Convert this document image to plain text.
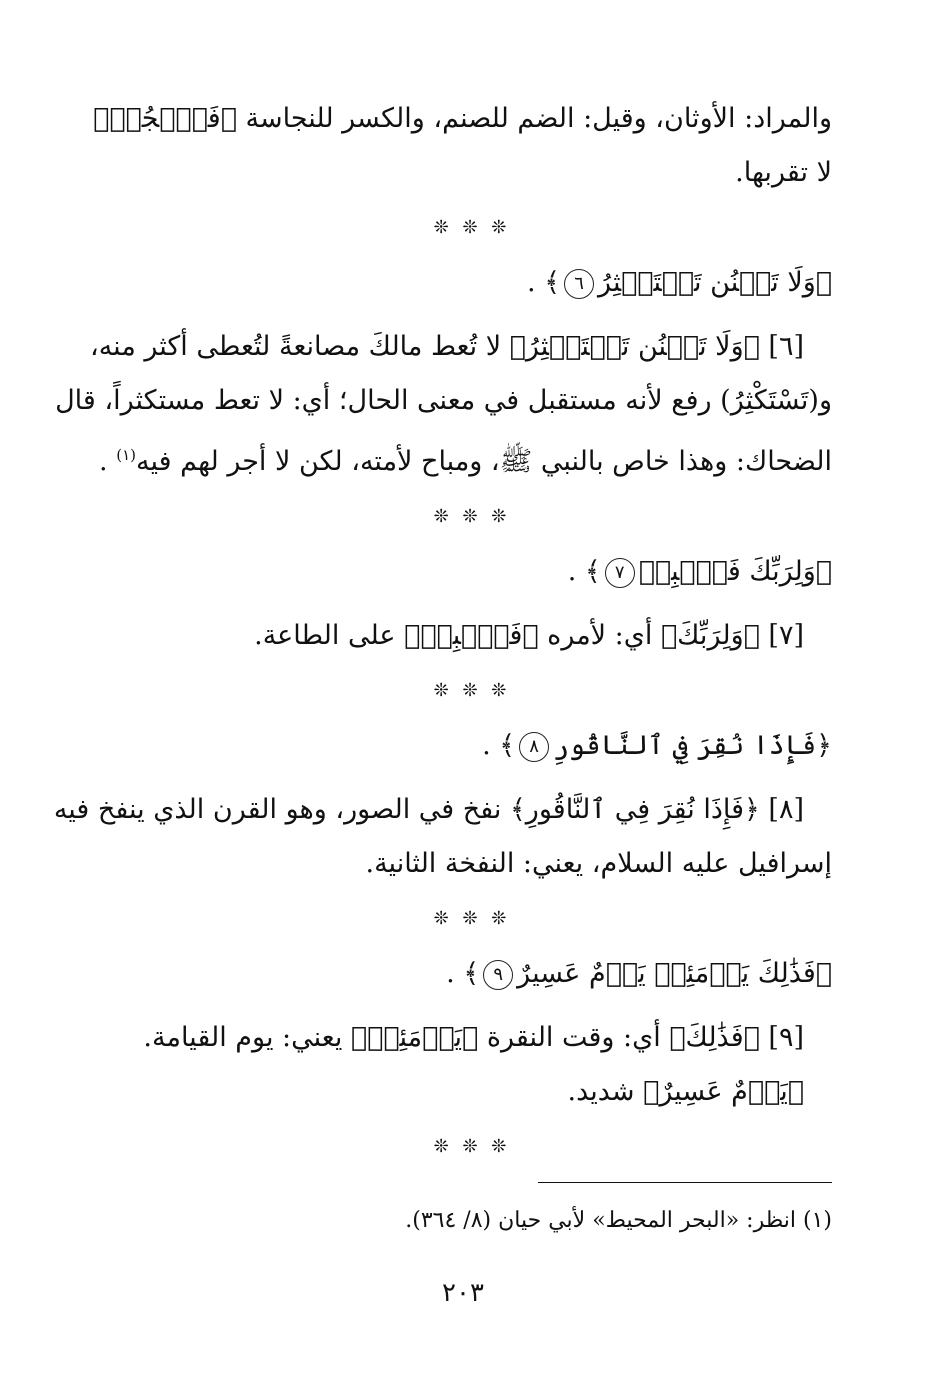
والمراد: الأوثان، وقيل: الضم للصنم، والكسر للنجاسة ﴿فَٱهۡجُرۡ﴾
لا تقربها.
❊ ❊ ❊
﴿وَلَا تَمۡنُن تَسۡتَكۡثِرُ٦﴾ .
[٦] ﴿وَلَا تَمۡنُن تَسۡتَكۡثِرُ﴾ لا تُعط مالكَ مصانعةً لتُعطى أكثر منه،
و(تَسْتَكْثِرُ) رفع لأنه مستقبل في معنى الحال؛ أي: لا تعط مستكثراً، قال
الضحاك: وهذا خاص بالنبي ﷺ، ومباح لأمته، لكن لا أجر لهم فيه$^{(١)}$ .
❊ ❊ ❊
﴿وَلِرَبِّكَ فَٱصۡبِرۡ٧﴾ .
[٧] ﴿وَلِرَبِّكَ﴾ أي: لأمره ﴿فَٱصۡبِرۡ﴾ على الطاعة.
❊ ❊ ❊
﴿فَإِذَا نُقِرَ فِي ٱلنَّاقُورِ٨﴾ .
[٨] ﴿فَإِذَا نُقِرَ فِي ٱلنَّاقُورِ﴾ نفخ في الصور، وهو القرن الذي ينفخ فيه
إسرافيل عليه السلام، يعني: النفخة الثانية.
❊ ❊ ❊
﴿فَذَٰلِكَ يَوۡمَئِذٖ يَوۡمٌ عَسِيرٌ٩﴾ .
[٩] ﴿فَذَٰلِكَ﴾ أي: وقت النقرة ﴿يَوۡمَئِذٖ﴾ يعني: يوم القيامة.
﴿يَوۡمٌ عَسِيرٌ﴾ شديد.
❊ ❊ ❊
(١) انظر: «البحر المحيط» لأبي حيان (٨/ ٣٦٤).
٢٠٣
